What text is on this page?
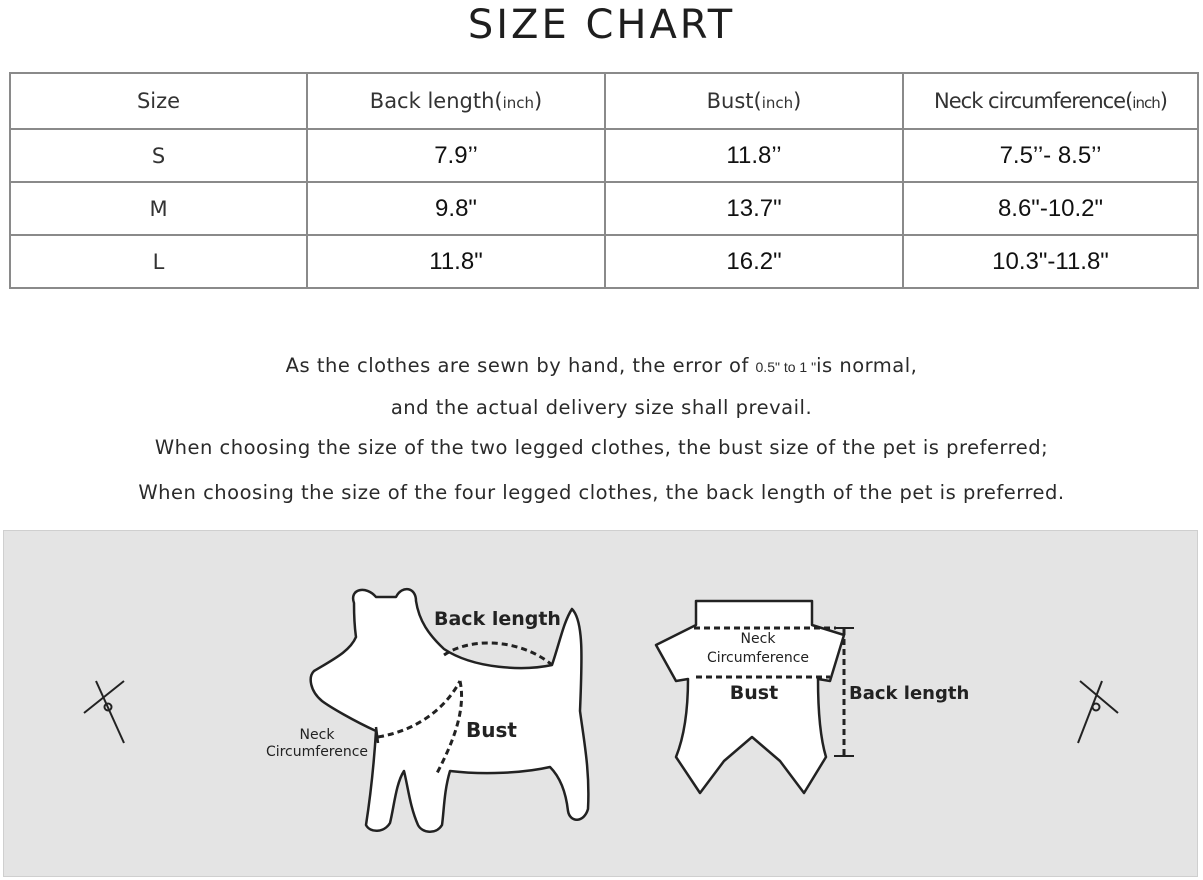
SIZE CHART
Size	Back length(inch)	Bust(inch)	Neck circumference(inch)
S	7.9’’	11.8’’	7.5’’- 8.5’’
M	9.8"	13.7"	8.6"-10.2"
L	11.8"	16.2"	10.3"-11.8"
As the clothes are sewn by hand, the error of 0.5" to 1 "is normal,
and the actual delivery size shall prevail.
When choosing the size of the two legged clothes, the bust size of the pet is preferred;
When choosing the size of the four legged clothes, the back length of the pet is preferred.
Back length
Bust
Neck
Circumference
Neck
Circumference
Bust	Back length
